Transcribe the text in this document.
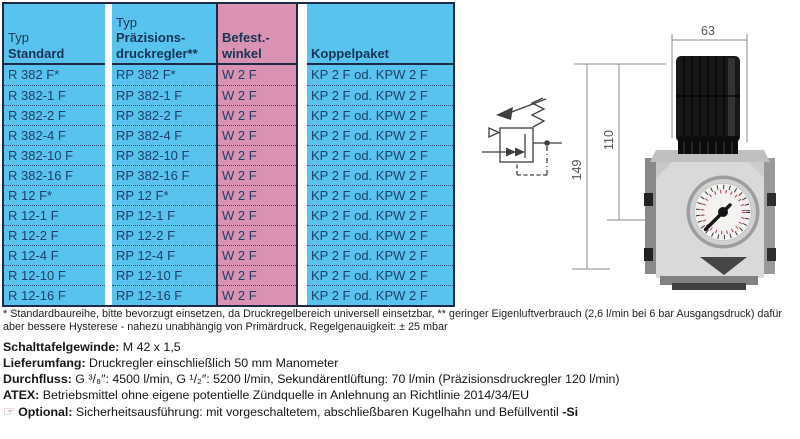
Typ
Standard
R 382 F*
R 382-1 F
R 382-2 F
R 382-4 F
R 382-10 F
R 382-16 F
R 12 F*
R 12-1 F
R 12-2 F
R 12-4 F
R 12-10 F
R 12-16 F
Typ
Präzisions-
druckregler**
RP 382 F*
RP 382-1 F
RP 382-2 F
RP 382-4 F
RP 382-10 F
RP 382-16 F
RP 12 F*
RP 12-1 F
RP 12-2 F
RP 12-4 F
RP 12-10 F
RP 12-16 F
Befest.-
winkel
W 2 F
W 2 F
W 2 F
W 2 F
W 2 F
W 2 F
W 2 F
W 2 F
W 2 F
W 2 F
W 2 F
W 2 F
Koppelpaket
KP 2 F od. KPW 2 F
KP 2 F od. KPW 2 F
KP 2 F od. KPW 2 F
KP 2 F od. KPW 2 F
KP 2 F od. KPW 2 F
KP 2 F od. KPW 2 F
KP 2 F od. KPW 2 F
KP 2 F od. KPW 2 F
KP 2 F od. KPW 2 F
KP 2 F od. KPW 2 F
KP 2 F od. KPW 2 F
KP 2 F od. KPW 2 F
63
149
110

* Standardbaureihe, bitte bevorzugt einsetzen, da Druckregelbereich universell einsetzbar, ** geringer Eigenluftverbrauch (2,6 l/min bei 6 bar Ausgangsdruck) dafür aber bessere Hysterese - nahezu unabhängig von Primärdruck, Regelgenauigkeit: ± 25 mbar

Schalttafelgewinde: M 42 x 1,5

Lieferumfang: Druckregler einschließlich 50 mm Manometer

Durchfluss: G ³/₈″: 4500 l/min, G ¹/₂″: 5200 l/min, Sekundärentlüftung: 70 l/min (Präzisionsdruckregler 120 l/min)

ATEX: Betriebsmittel ohne eigene potentielle Zündquelle in Anlehnung an Richtlinie 2014/34/EU

☞ Optional: Sicherheitsausführung: mit vorgeschaltetem, abschließbaren Kugelhahn und Befüllventil -Si
